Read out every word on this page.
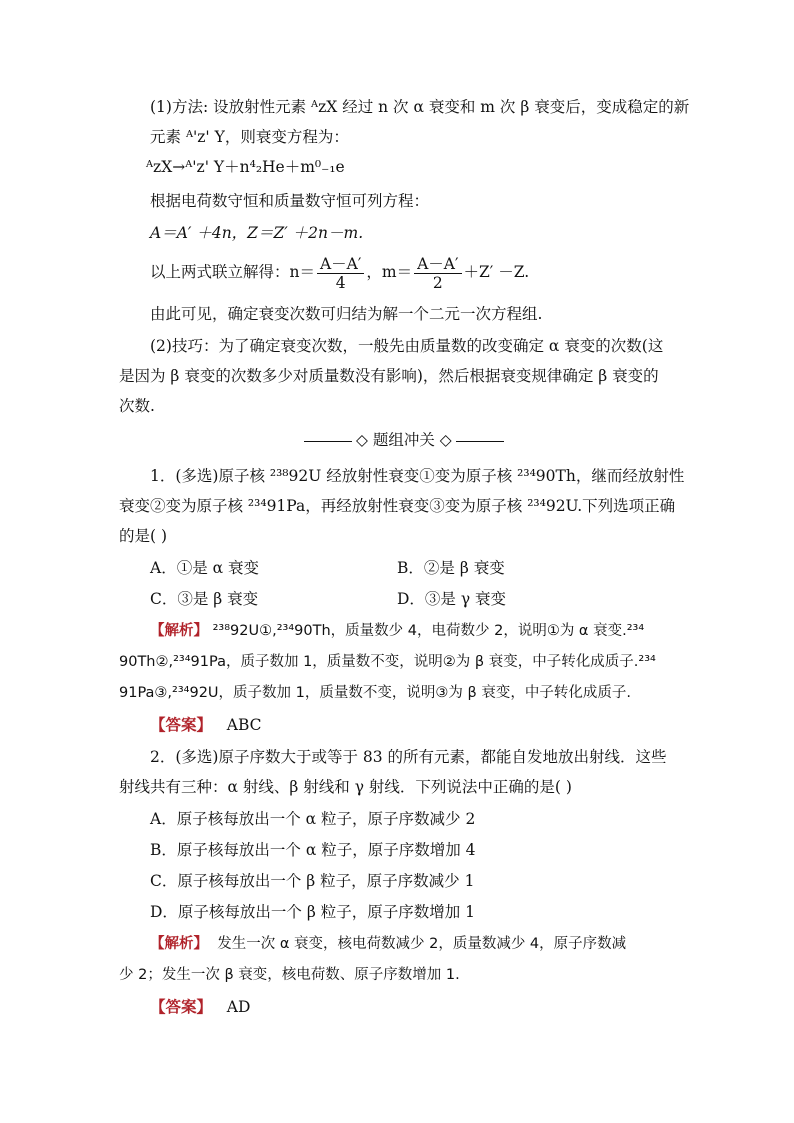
(1)方法: 设放射性元素 ᴬᴢX 经过 n 次 α 衰变和 m 次 β 衰变后，变成稳定的新
元素 ᴬ'ᴢ' Y，则衰变方程为：
ᴬᴢX→ᴬ'ᴢ' Y＋n⁴₂He＋m⁰₋₁e
根据电荷数守恒和质量数守恒可列方程：
A＝A′ ＋4n，Z＝Z′ ＋2n－m.
以上两式联立解得：$n= \frac{A-A'}{4}$ ，$m= \frac{A-A'}{2} +Z' -Z$.
由此可见，确定衰变次数可归结为解一个二元一次方程组.
(2)技巧：为了确定衰变次数，一般先由质量数的改变确定 α 衰变的次数(这
是因为 β 衰变的次数多少对质量数没有影响)，然后根据衰变规律确定 β 衰变的
次数.
◇ 题组冲关 ◇
1．(多选)原子核 ²³⁸92U 经放射性衰变①变为原子核 ²³⁴90Th，继而经放射性
衰变②变为原子核 ²³⁴91Pa，再经放射性衰变③变为原子核 ²³⁴92U.下列选项正确
的是( )
A．①是 α 衰变	B．②是 β 衰变
C．③是 β 衰变	D．③是 γ 衰变
【解析】 ²³⁸92U①,²³⁴90Th，质量数少 4，电荷数少 2，说明①为 α 衰变.²³⁴
90Th②,²³⁴91Pa，质子数加 1，质量数不变，说明②为 β 衰变，中子转化成质子.²³⁴
91Pa③,²³⁴92U，质子数加 1，质量数不变，说明③为 β 衰变，中子转化成质子.
【答案】 ABC
2．(多选)原子序数大于或等于 83 的所有元素，都能自发地放出射线．这些
射线共有三种：α 射线、β 射线和 γ 射线．下列说法中正确的是( )
A．原子核每放出一个 α 粒子，原子序数减少 2
B．原子核每放出一个 α 粒子，原子序数增加 4
C．原子核每放出一个 β 粒子，原子序数减少 1
D．原子核每放出一个 β 粒子，原子序数增加 1
【解析】 发生一次 α 衰变，核电荷数减少 2，质量数减少 4，原子序数减
少 2；发生一次 β 衰变，核电荷数、原子序数增加 1.
【答案】 AD
